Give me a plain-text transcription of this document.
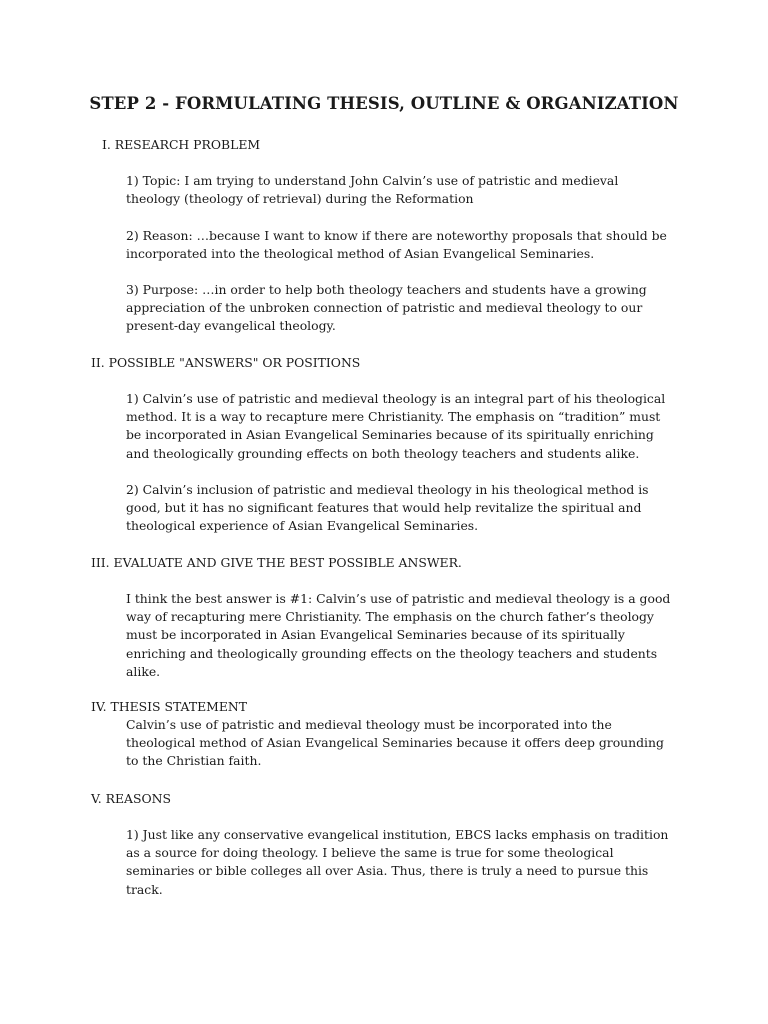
STEP 2 - FORMULATING THESIS, OUTLINE & ORGANIZATION
I. RESEARCH PROBLEM
1) Topic: I am trying to understand John Calvin’s use of patristic and medieval
theology (theology of retrieval) during the Reformation
2) Reason: …because I want to know if there are noteworthy proposals that should be
incorporated into the theological method of Asian Evangelical Seminaries.
3) Purpose: …in order to help both theology teachers and students have a growing
appreciation of the unbroken connection of patristic and medieval theology to our
present-day evangelical theology.
II. POSSIBLE "ANSWERS" OR POSITIONS
1) Calvin’s use of patristic and medieval theology is an integral part of his theological
method. It is a way to recapture mere Christianity. The emphasis on “tradition” must
be incorporated in Asian Evangelical Seminaries because of its spiritually enriching
and theologically grounding effects on both theology teachers and students alike.
2) Calvin’s inclusion of patristic and medieval theology in his theological method is
good, but it has no significant features that would help revitalize the spiritual and
theological experience of Asian Evangelical Seminaries.
III. EVALUATE AND GIVE THE BEST POSSIBLE ANSWER.
I think the best answer is #1: Calvin’s use of patristic and medieval theology is a good
way of recapturing mere Christianity. The emphasis on the church father’s theology
must be incorporated in Asian Evangelical Seminaries because of its spiritually
enriching and theologically grounding effects on the theology teachers and students
alike.
IV. THESIS STATEMENT
Calvin’s use of patristic and medieval theology must be incorporated into the
theological method of Asian Evangelical Seminaries because it offers deep grounding
to the Christian faith.
V. REASONS
1) Just like any conservative evangelical institution, EBCS lacks emphasis on tradition
as a source for doing theology. I believe the same is true for some theological
seminaries or bible colleges all over Asia. Thus, there is truly a need to pursue this
track.
